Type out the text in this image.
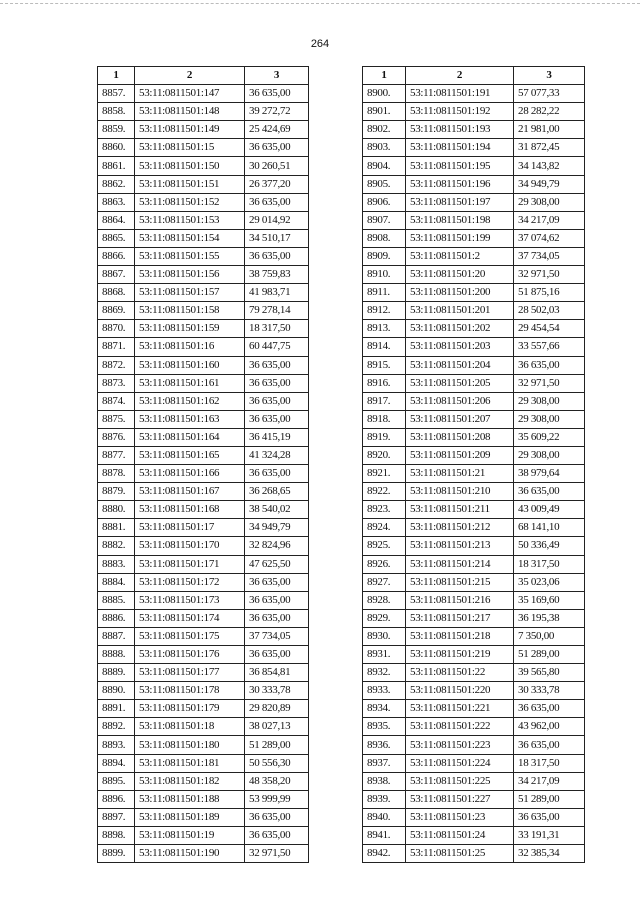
264
1	2	3
8857.	53:11:0811501:147	36 635,00
8858.	53:11:0811501:148	39 272,72
8859.	53:11:0811501:149	25 424,69
8860.	53:11:0811501:15	36 635,00
8861.	53:11:0811501:150	30 260,51
8862.	53:11:0811501:151	26 377,20
8863.	53:11:0811501:152	36 635,00
8864.	53:11:0811501:153	29 014,92
8865.	53:11:0811501:154	34 510,17
8866.	53:11:0811501:155	36 635,00
8867.	53:11:0811501:156	38 759,83
8868.	53:11:0811501:157	41 983,71
8869.	53:11:0811501:158	79 278,14
8870.	53:11:0811501:159	18 317,50
8871.	53:11:0811501:16	60 447,75
8872.	53:11:0811501:160	36 635,00
8873.	53:11:0811501:161	36 635,00
8874.	53:11:0811501:162	36 635,00
8875.	53:11:0811501:163	36 635,00
8876.	53:11:0811501:164	36 415,19
8877.	53:11:0811501:165	41 324,28
8878.	53:11:0811501:166	36 635,00
8879.	53:11:0811501:167	36 268,65
8880.	53:11:0811501:168	38 540,02
8881.	53:11:0811501:17	34 949,79
8882.	53:11:0811501:170	32 824,96
8883.	53:11:0811501:171	47 625,50
8884.	53:11:0811501:172	36 635,00
8885.	53:11:0811501:173	36 635,00
8886.	53:11:0811501:174	36 635,00
8887.	53:11:0811501:175	37 734,05
8888.	53:11:0811501:176	36 635,00
8889.	53:11:0811501:177	36 854,81
8890.	53:11:0811501:178	30 333,78
8891.	53:11:0811501:179	29 820,89
8892.	53:11:0811501:18	38 027,13
8893.	53:11:0811501:180	51 289,00
8894.	53:11:0811501:181	50 556,30
8895.	53:11:0811501:182	48 358,20
8896.	53:11:0811501:188	53 999,99
8897.	53:11:0811501:189	36 635,00
8898.	53:11:0811501:19	36 635,00
8899.	53:11:0811501:190	32 971,50
1	2	3
8900.	53:11:0811501:191	57 077,33
8901.	53:11:0811501:192	28 282,22
8902.	53:11:0811501:193	21 981,00
8903.	53:11:0811501:194	31 872,45
8904.	53:11:0811501:195	34 143,82
8905.	53:11:0811501:196	34 949,79
8906.	53:11:0811501:197	29 308,00
8907.	53:11:0811501:198	34 217,09
8908.	53:11:0811501:199	37 074,62
8909.	53:11:0811501:2	37 734,05
8910.	53:11:0811501:20	32 971,50
8911.	53:11:0811501:200	51 875,16
8912.	53:11:0811501:201	28 502,03
8913.	53:11:0811501:202	29 454,54
8914.	53:11:0811501:203	33 557,66
8915.	53:11:0811501:204	36 635,00
8916.	53:11:0811501:205	32 971,50
8917.	53:11:0811501:206	29 308,00
8918.	53:11:0811501:207	29 308,00
8919.	53:11:0811501:208	35 609,22
8920.	53:11:0811501:209	29 308,00
8921.	53:11:0811501:21	38 979,64
8922.	53:11:0811501:210	36 635,00
8923.	53:11:0811501:211	43 009,49
8924.	53:11:0811501:212	68 141,10
8925.	53:11:0811501:213	50 336,49
8926.	53:11:0811501:214	18 317,50
8927.	53:11:0811501:215	35 023,06
8928.	53:11:0811501:216	35 169,60
8929.	53:11:0811501:217	36 195,38
8930.	53:11:0811501:218	7 350,00
8931.	53:11:0811501:219	51 289,00
8932.	53:11:0811501:22	39 565,80
8933.	53:11:0811501:220	30 333,78
8934.	53:11:0811501:221	36 635,00
8935.	53:11:0811501:222	43 962,00
8936.	53:11:0811501:223	36 635,00
8937.	53:11:0811501:224	18 317,50
8938.	53:11:0811501:225	34 217,09
8939.	53:11:0811501:227	51 289,00
8940.	53:11:0811501:23	36 635,00
8941.	53:11:0811501:24	33 191,31
8942.	53:11:0811501:25	32 385,34
